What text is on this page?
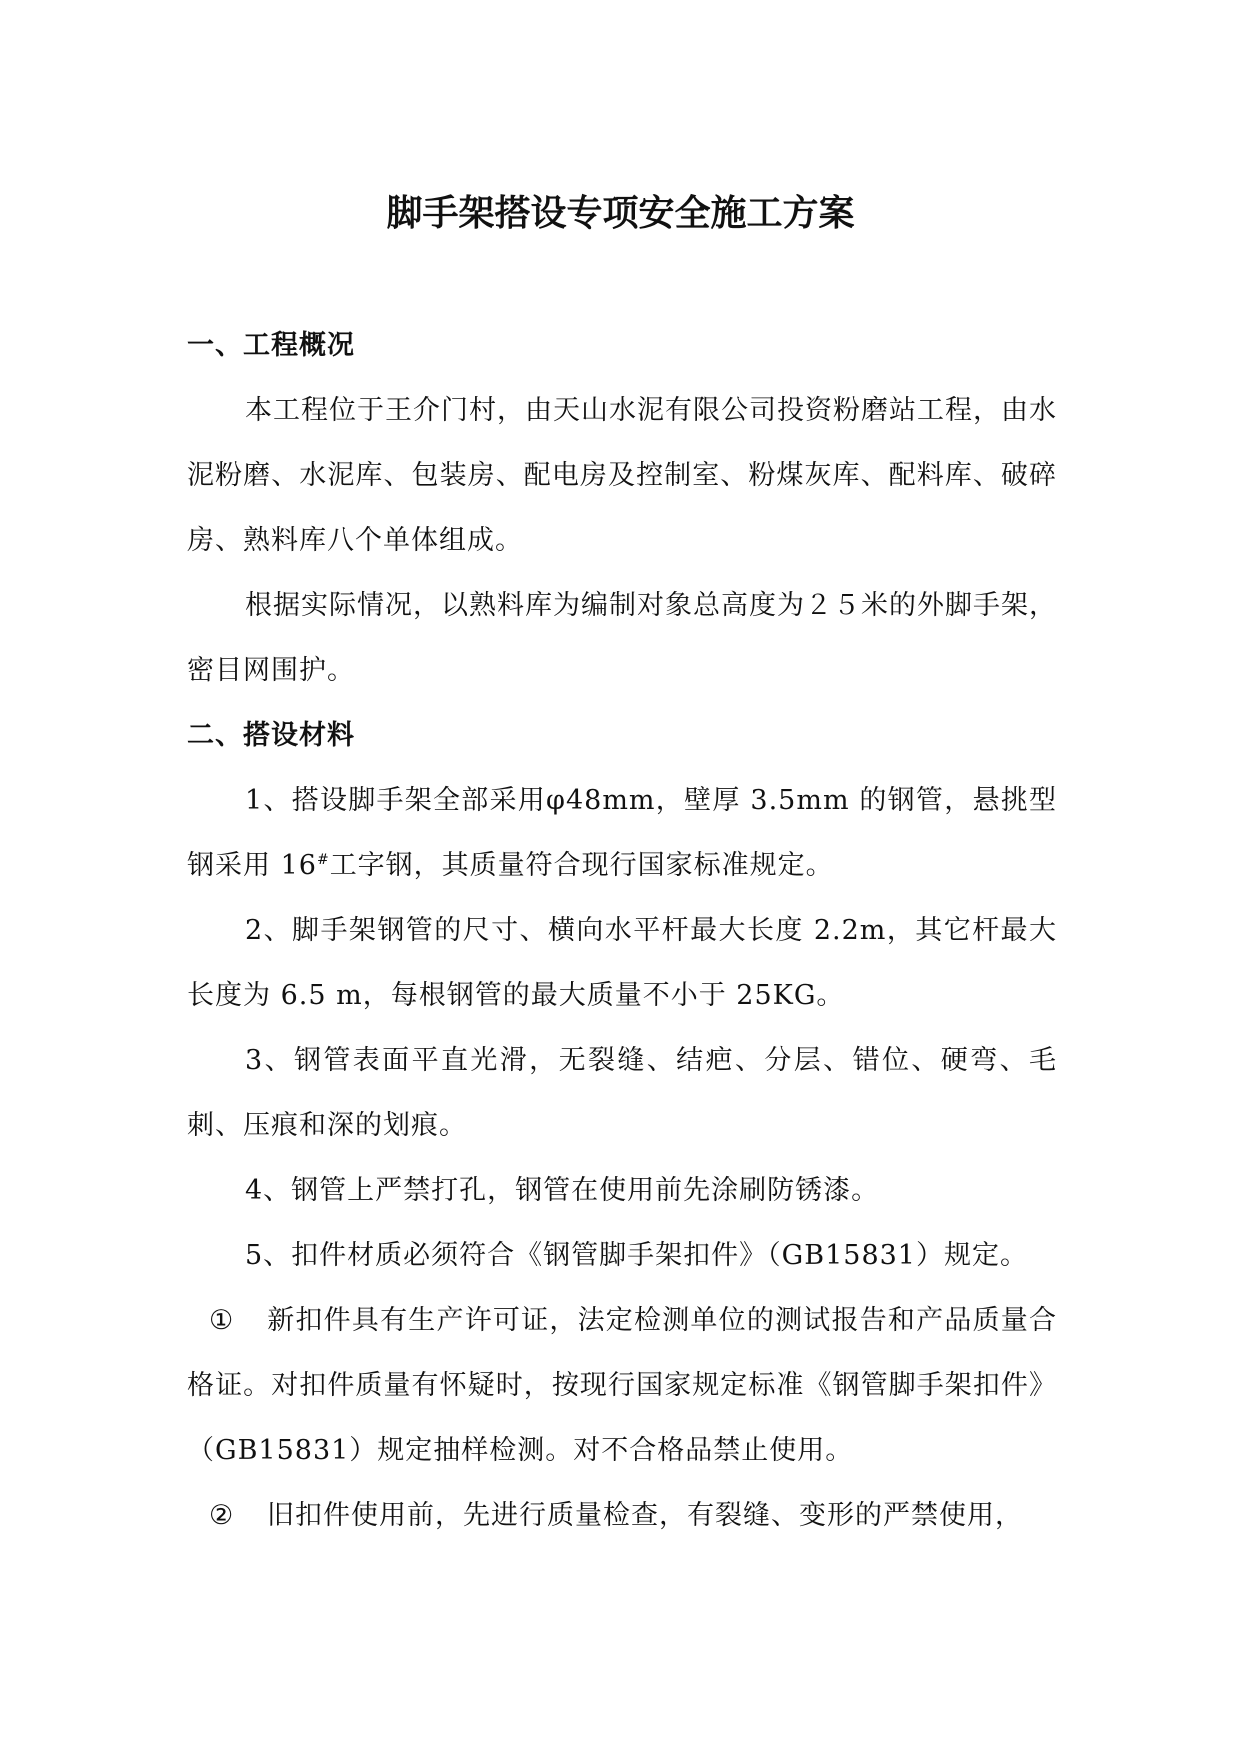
脚手架搭设专项安全施工方案

一、工程概况

本工程位于王介门村，由天山水泥有限公司投资粉磨站工程，由水泥粉磨、水泥库、包装房、配电房及控制室、粉煤灰库、配料库、破碎房、熟料库八个单体组成。

根据实际情况，以熟料库为编制对象总高度为２５米的外脚手架，密目网围护。

二、搭设材料

1、搭设脚手架全部采用φ48mm，壁厚 3.5mm 的钢管，悬挑型钢采用 16#工字钢，其质量符合现行国家标准规定。

2、脚手架钢管的尺寸、横向水平杆最大长度 2.2m，其它杆最大长度为 6.5 m，每根钢管的最大质量不小于 25KG。

3、钢管表面平直光滑，无裂缝、结疤、分层、错位、硬弯、毛刺、压痕和深的划痕。

4、钢管上严禁打孔，钢管在使用前先涂刷防锈漆。

5、扣件材质必须符合《钢管脚手架扣件》（GB15831）规定。

① 新扣件具有生产许可证，法定检测单位的测试报告和产品质量合格证。对扣件质量有怀疑时，按现行国家规定标准《钢管脚手架扣件》（GB15831）规定抽样检测。对不合格品禁止使用。

② 旧扣件使用前，先进行质量检查，有裂缝、变形的严禁使用，
